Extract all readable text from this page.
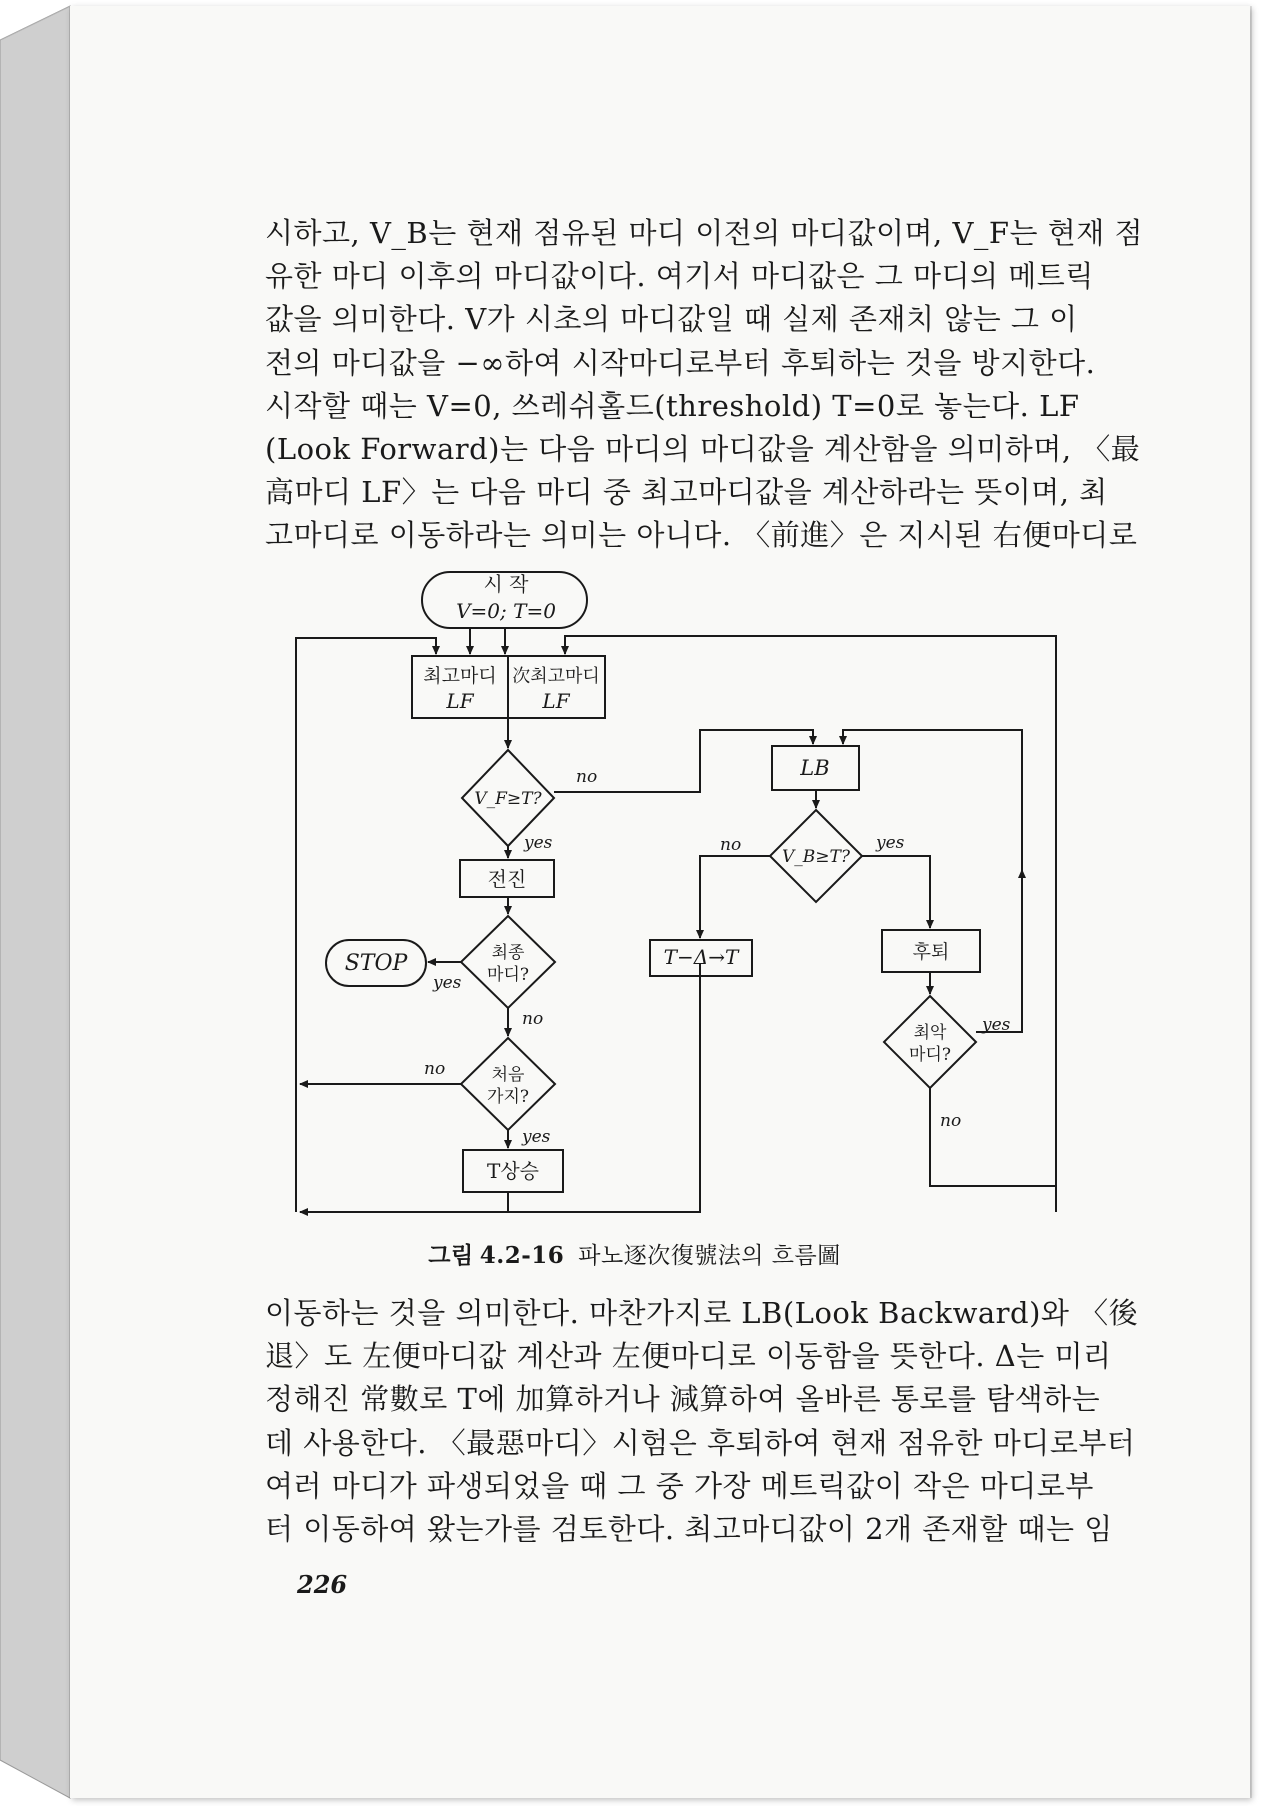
시하고, V_B는 현재 점유된 마디 이전의 마디값이며, V_F는 현재 점
유한 마디 이후의 마디값이다. 여기서 마디값은 그 마디의 메트릭
값을 의미한다. V가 시초의 마디값일 때 실제 존재치 않는 그 이
전의 마디값을 −∞하여 시작마디로부터 후퇴하는 것을 방지한다.
시작할 때는 V=0, 쓰레쉬홀드(threshold) T=0로 놓는다. LF
(Look Forward)는 다음 마디의 마디값을 계산함을 의미하며, 〈最
高마디 LF〉는 다음 마디 중 최고마디값을 계산하라는 뜻이며, 최
고마디로 이동하라는 의미는 아니다. 〈前進〉은 지시된 右便마디로
시 작
V=0; T=0
최고마디
LF
次최고마디
LF
V_F≥T?
no
yes
전진
최종
마디?
yes
no
STOP
처음
가지?
no
yes
T상승
LB
V_B≥T?
no	yes
T−Δ→T	후퇴
최악
마디?
yes
no
그림 4.2-16 파노逐次復號法의 흐름圖
이동하는 것을 의미한다. 마찬가지로 LB(Look Backward)와 〈後
退〉도 左便마디값 계산과 左便마디로 이동함을 뜻한다. Δ는 미리
정해진 常數로 T에 加算하거나 減算하여 올바른 통로를 탐색하는
데 사용한다. 〈最惡마디〉시험은 후퇴하여 현재 점유한 마디로부터
여러 마디가 파생되었을 때 그 중 가장 메트릭값이 작은 마디로부
터 이동하여 왔는가를 검토한다. 최고마디값이 2개 존재할 때는 임
226
